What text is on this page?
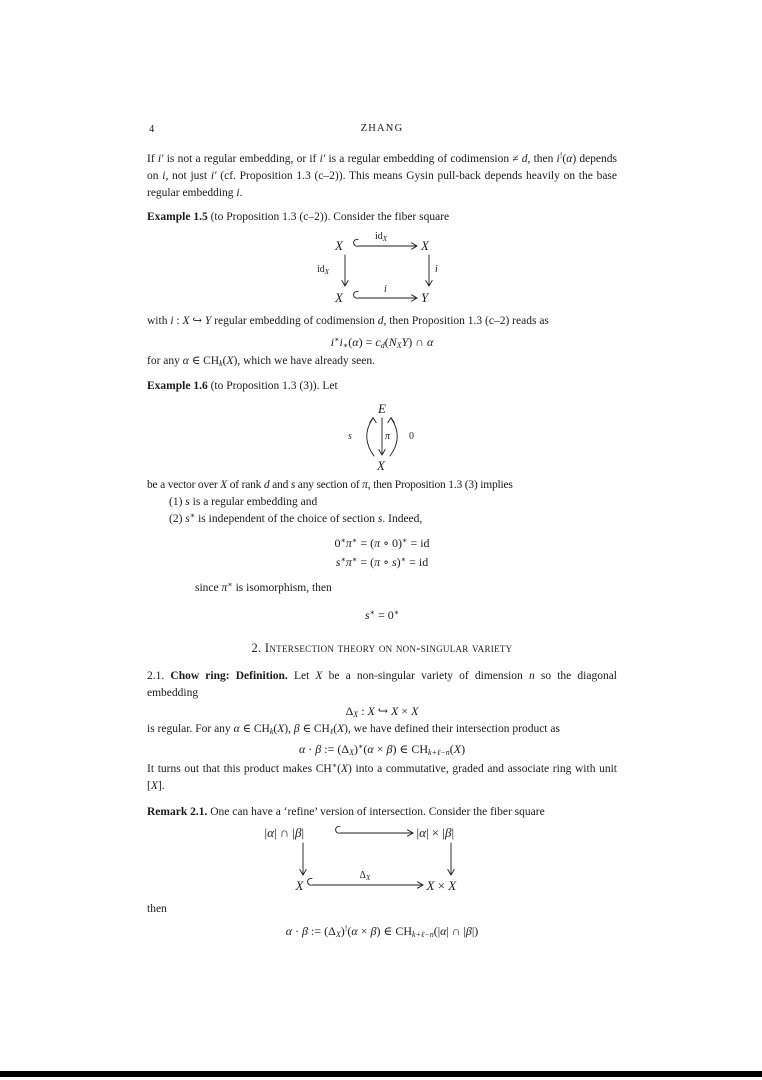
4	ZHANG
If i′ is not a regular embedding, or if i′ is a regular embedding of codimension ≠ d, then i!(α) depends on i, not just i′ (cf. Proposition 1.3 (c–2)). This means Gysin pull-back depends heavily on the base regular embedding i.
Example 1.5 (to Proposition 1.3 (c–2)). Consider the fiber square
X	X
X	Y
$id_X$
$id_X$	i
i
with i : X ↪ Y regular embedding of codimension d, then Proposition 1.3 (c–2) reads as
$i^∗i_∗(\alpha) = c_d(N_XY)$ ∩ α
for any α ∈ $CH_k(X)$, which we have already seen.
Example 1.6 (to Proposition 1.3 (3)). Let
E
X
s	π 0
be a vector over X of rank d and s any section of π, then Proposition 1.3 (3) implies
(1) s is a regular embedding and
(2) s∗ is independent of the choice of section s. Indeed,
0∗π∗ = (π ∘ 0)∗ = id
s∗π∗ = (π ∘ s)∗ = id
since π∗ is isomorphism, then
s∗ = 0∗
2. Intersection theory on non-singular variety
2.1. Chow ring: Definition. Let X be a non-singular variety of dimension n so the diagonal embedding
$\Delta_X$ : X ↪ X × X
is regular. For any α ∈ $CH_k(X)$, β ∈ $CH_\ell(X)$, we have defined their intersection product as
α · β := $(\Delta_X)^∗(\alpha \times \beta)$ ∈ $CH_{k+\ell-n}(X)$
It turns out that this product makes CH∗(X) into a commutative, graded and associate ring with unit [X].
Remark 2.1. One can have a ‘refine’ version of intersection. Consider the fiber square
|α| ∩ |β|	|α| × |β|
X	X × X
$\Delta_X$
then
α · β := $(\Delta_X)^!(\alpha \times \beta)$ ∈ $CH_{k+\ell-n}(|\alpha|$ ∩ |β|)
